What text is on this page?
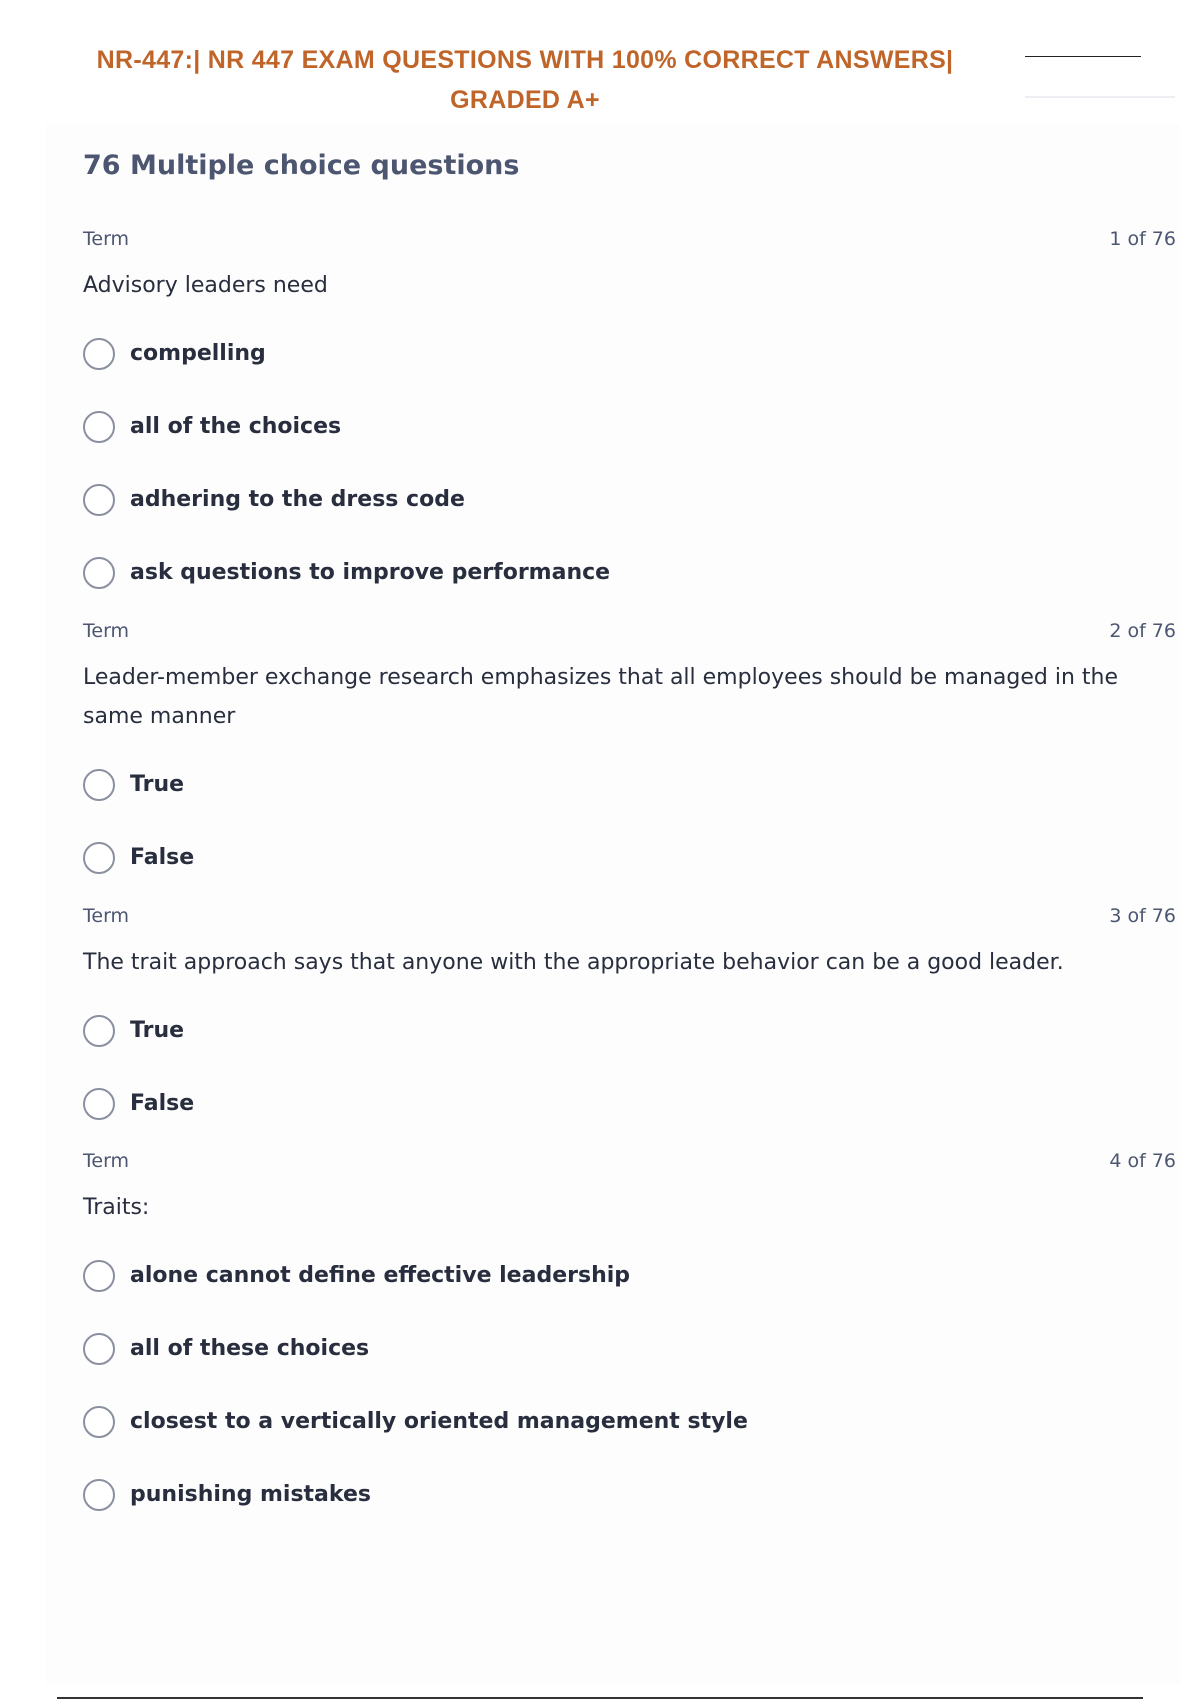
NR-447:| NR 447 EXAM QUESTIONS WITH 100% CORRECT ANSWERS| GRADED A+
76 Multiple choice questions
Term	1 of 76

Advisory leaders need

compelling
all of the choices
adhering to the dress code
ask questions to improve performance
Term	2 of 76

Leader-member exchange research emphasizes that all employees should be managed in the same manner

True
False
Term	3 of 76

The trait approach says that anyone with the appropriate behavior can be a good leader.

True
False
Term	4 of 76

Traits:

alone cannot define effective leadership
all of these choices
closest to a vertically oriented management style
punishing mistakes
